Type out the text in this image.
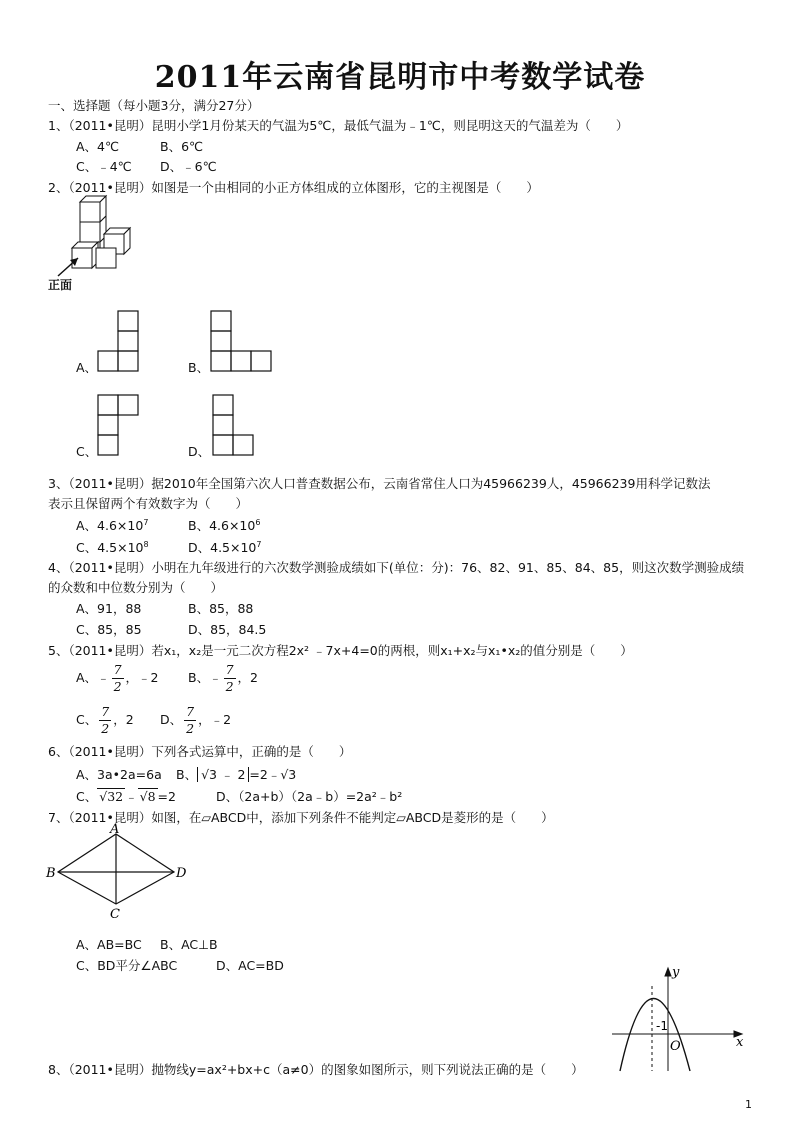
2011年云南省昆明市中考数学试卷
一、选择题（每小题3分，满分27分）
1、（2011•昆明）昆明小学1月份某天的气温为5℃，最低气温为﹣1℃，则昆明这天的气温差为（　　）
A、4℃	B、6℃
C、﹣4℃ D、﹣6℃
2、（2011•昆明）如图是一个由相同的小正方体组成的立体图形，它的主视图是（　　）
正面
A、	B、
C、	D、
3、（2011•昆明）据2010年全国第六次人口普查数据公布，云南省常住人口为45966239人，45966239用科学记数法
表示且保留两个有效数字为（　　）
A、$4.6\times 10^7$	B、$4.6\times 10^6$
C、$4.5\times 10^8$	D、$4.5\times 10^7$
4、（2011•昆明）小明在九年级进行的六次数学测验成绩如下(单位：分)：76、82、91、85、84、85，则这次数学测验成绩
的众数和中位数分别为（　　）
A、91，88	B、85，88
C、85，85	D、85，84.5
5、（2011•昆明）若x₁，x₂是一元二次方程2x² ﹣7x+4=0的两根，则x₁+x₂与x₁•x₂的值分别是（　　）
A、﹣ $\frac{7}{2}$ ，﹣2 B、﹣ $\frac{7}{2}$ ，2
C、 $\frac{7}{2}$ ，2 D、 $\frac{7}{2}$ ，﹣2
6、（2011•昆明）下列各式运算中，正确的是（　　）
A、3a•2a=6a B、 √3 ﹣ 2 =2﹣√3
C、 √32 ﹣ √8 =2	D、（2a+b）（2a﹣b）=2a²﹣b²
7、（2011•昆明）如图，在▱ABCD中，添加下列条件不能判定▱ABCD是菱形的是（　　）
A
B
C
D
A、AB=BC B、AC⊥B
C、BD平分∠ABC	D、AC=BD	y
x
O
-1
8、（2011•昆明）抛物线y=ax²+bx+c（a≠0）的图象如图所示，则下列说法正确的是（　　）
1
